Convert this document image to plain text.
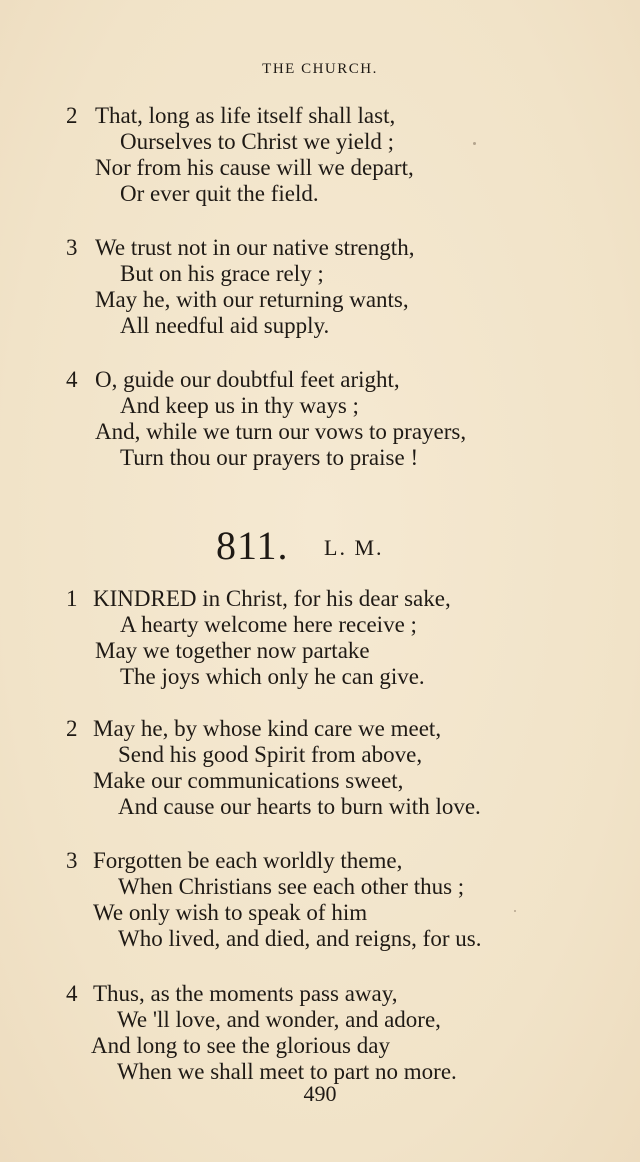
THE CHURCH.
2 That, long as life itself shall last,
Ourselves to Christ we yield ;
Nor from his cause will we depart,
Or ever quit the field.
3 We trust not in our native strength,
But on his grace rely ;
May he, with our returning wants,
All needful aid supply.
4 O, guide our doubtful feet aright,
And keep us in thy ways ;
And, while we turn our vows to prayers,
Turn thou our prayers to praise !
811. L. M.
1 KINDRED in Christ, for his dear sake,
A hearty welcome here receive ;
May we together now partake
The joys which only he can give.
2 May he, by whose kind care we meet,
Send his good Spirit from above,
Make our communications sweet,
And cause our hearts to burn with love.
3 Forgotten be each worldly theme,
When Christians see each other thus ;
We only wish to speak of him
Who lived, and died, and reigns, for us.
4 Thus, as the moments pass away,
We 'll love, and wonder, and adore,
And long to see the glorious day
When we shall meet to part no more.
490
